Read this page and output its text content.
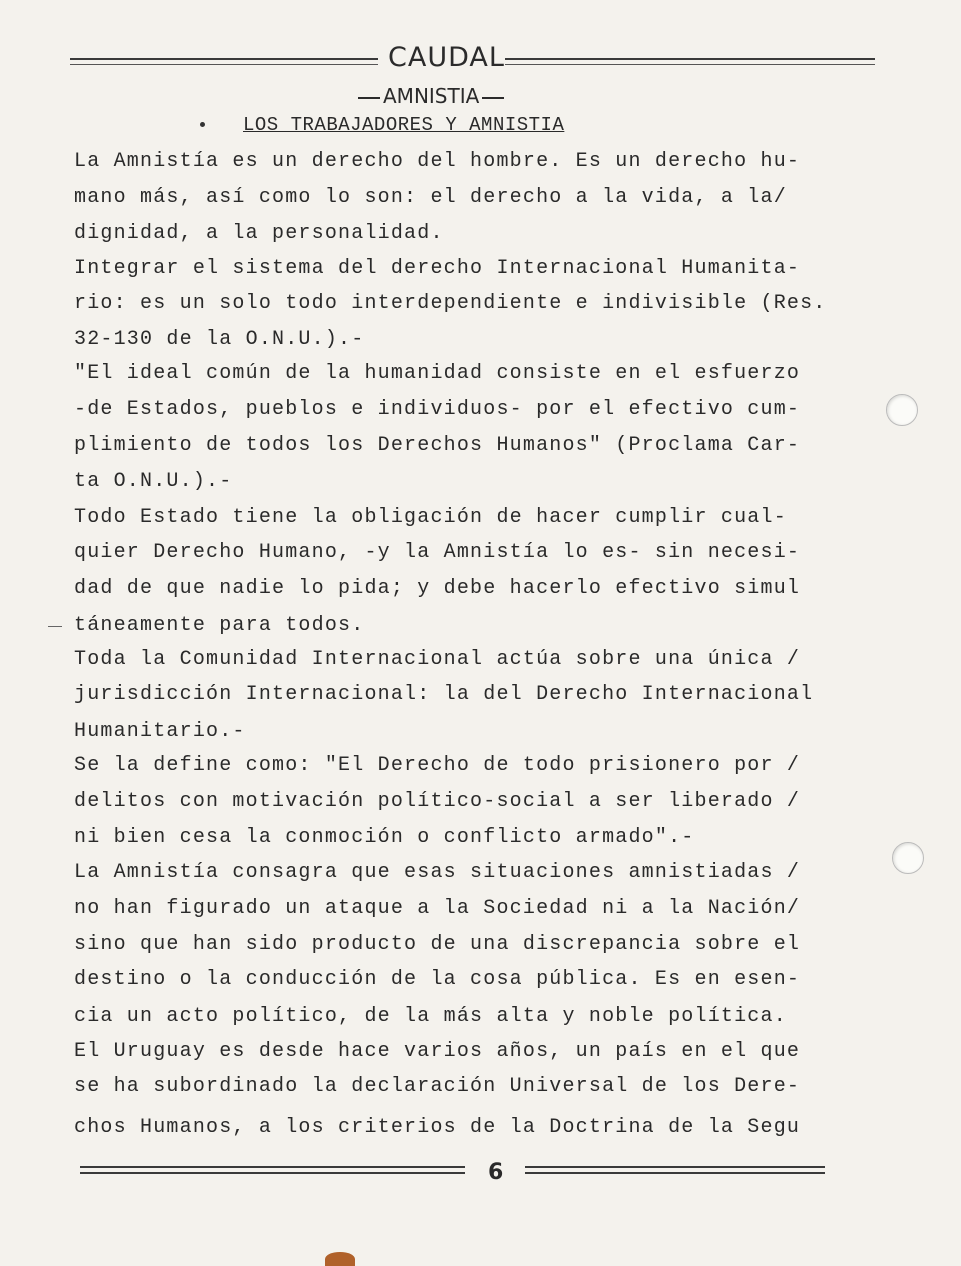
CAUDAL
AMNISTIA
LOS TRABAJADORES Y AMNISTIA
La Amnistía es un derecho del hombre. Es un derecho hu-
mano más, así como lo son: el derecho a la vida, a la/
dignidad, a la personalidad.
Integrar el sistema del derecho Internacional Humanita-
rio: es un solo todo interdependiente e indivisible (Res.
32-130 de la O.N.U.).-
"El ideal común de la humanidad consiste en el esfuerzo
-de Estados, pueblos e individuos- por el efectivo cum-
plimiento de todos los Derechos Humanos" (Proclama Car-
ta O.N.U.).-
Todo Estado tiene la obligación de hacer cumplir cual-
quier Derecho Humano, -y la Amnistía lo es- sin necesi-
dad de que nadie lo pida; y debe hacerlo efectivo simul
táneamente para todos.
Toda la Comunidad Internacional actúa sobre una única /
jurisdicción Internacional: la del Derecho Internacional
Humanitario.-
Se la define como: "El Derecho de todo prisionero por /
delitos con motivación político-social a ser liberado /
ni bien cesa la conmoción o conflicto armado".-
La Amnistía consagra que esas situaciones amnistiadas /
no han figurado un ataque a la Sociedad ni a la Nación/
sino que han sido producto de una discrepancia sobre el
destino o la conducción de la cosa pública. Es en esen-
cia un acto político, de la más alta y noble política.
El Uruguay es desde hace varios años, un país en el que
se ha subordinado la declaración Universal de los Dere-
chos Humanos, a los criterios de la Doctrina de la Segu
6
